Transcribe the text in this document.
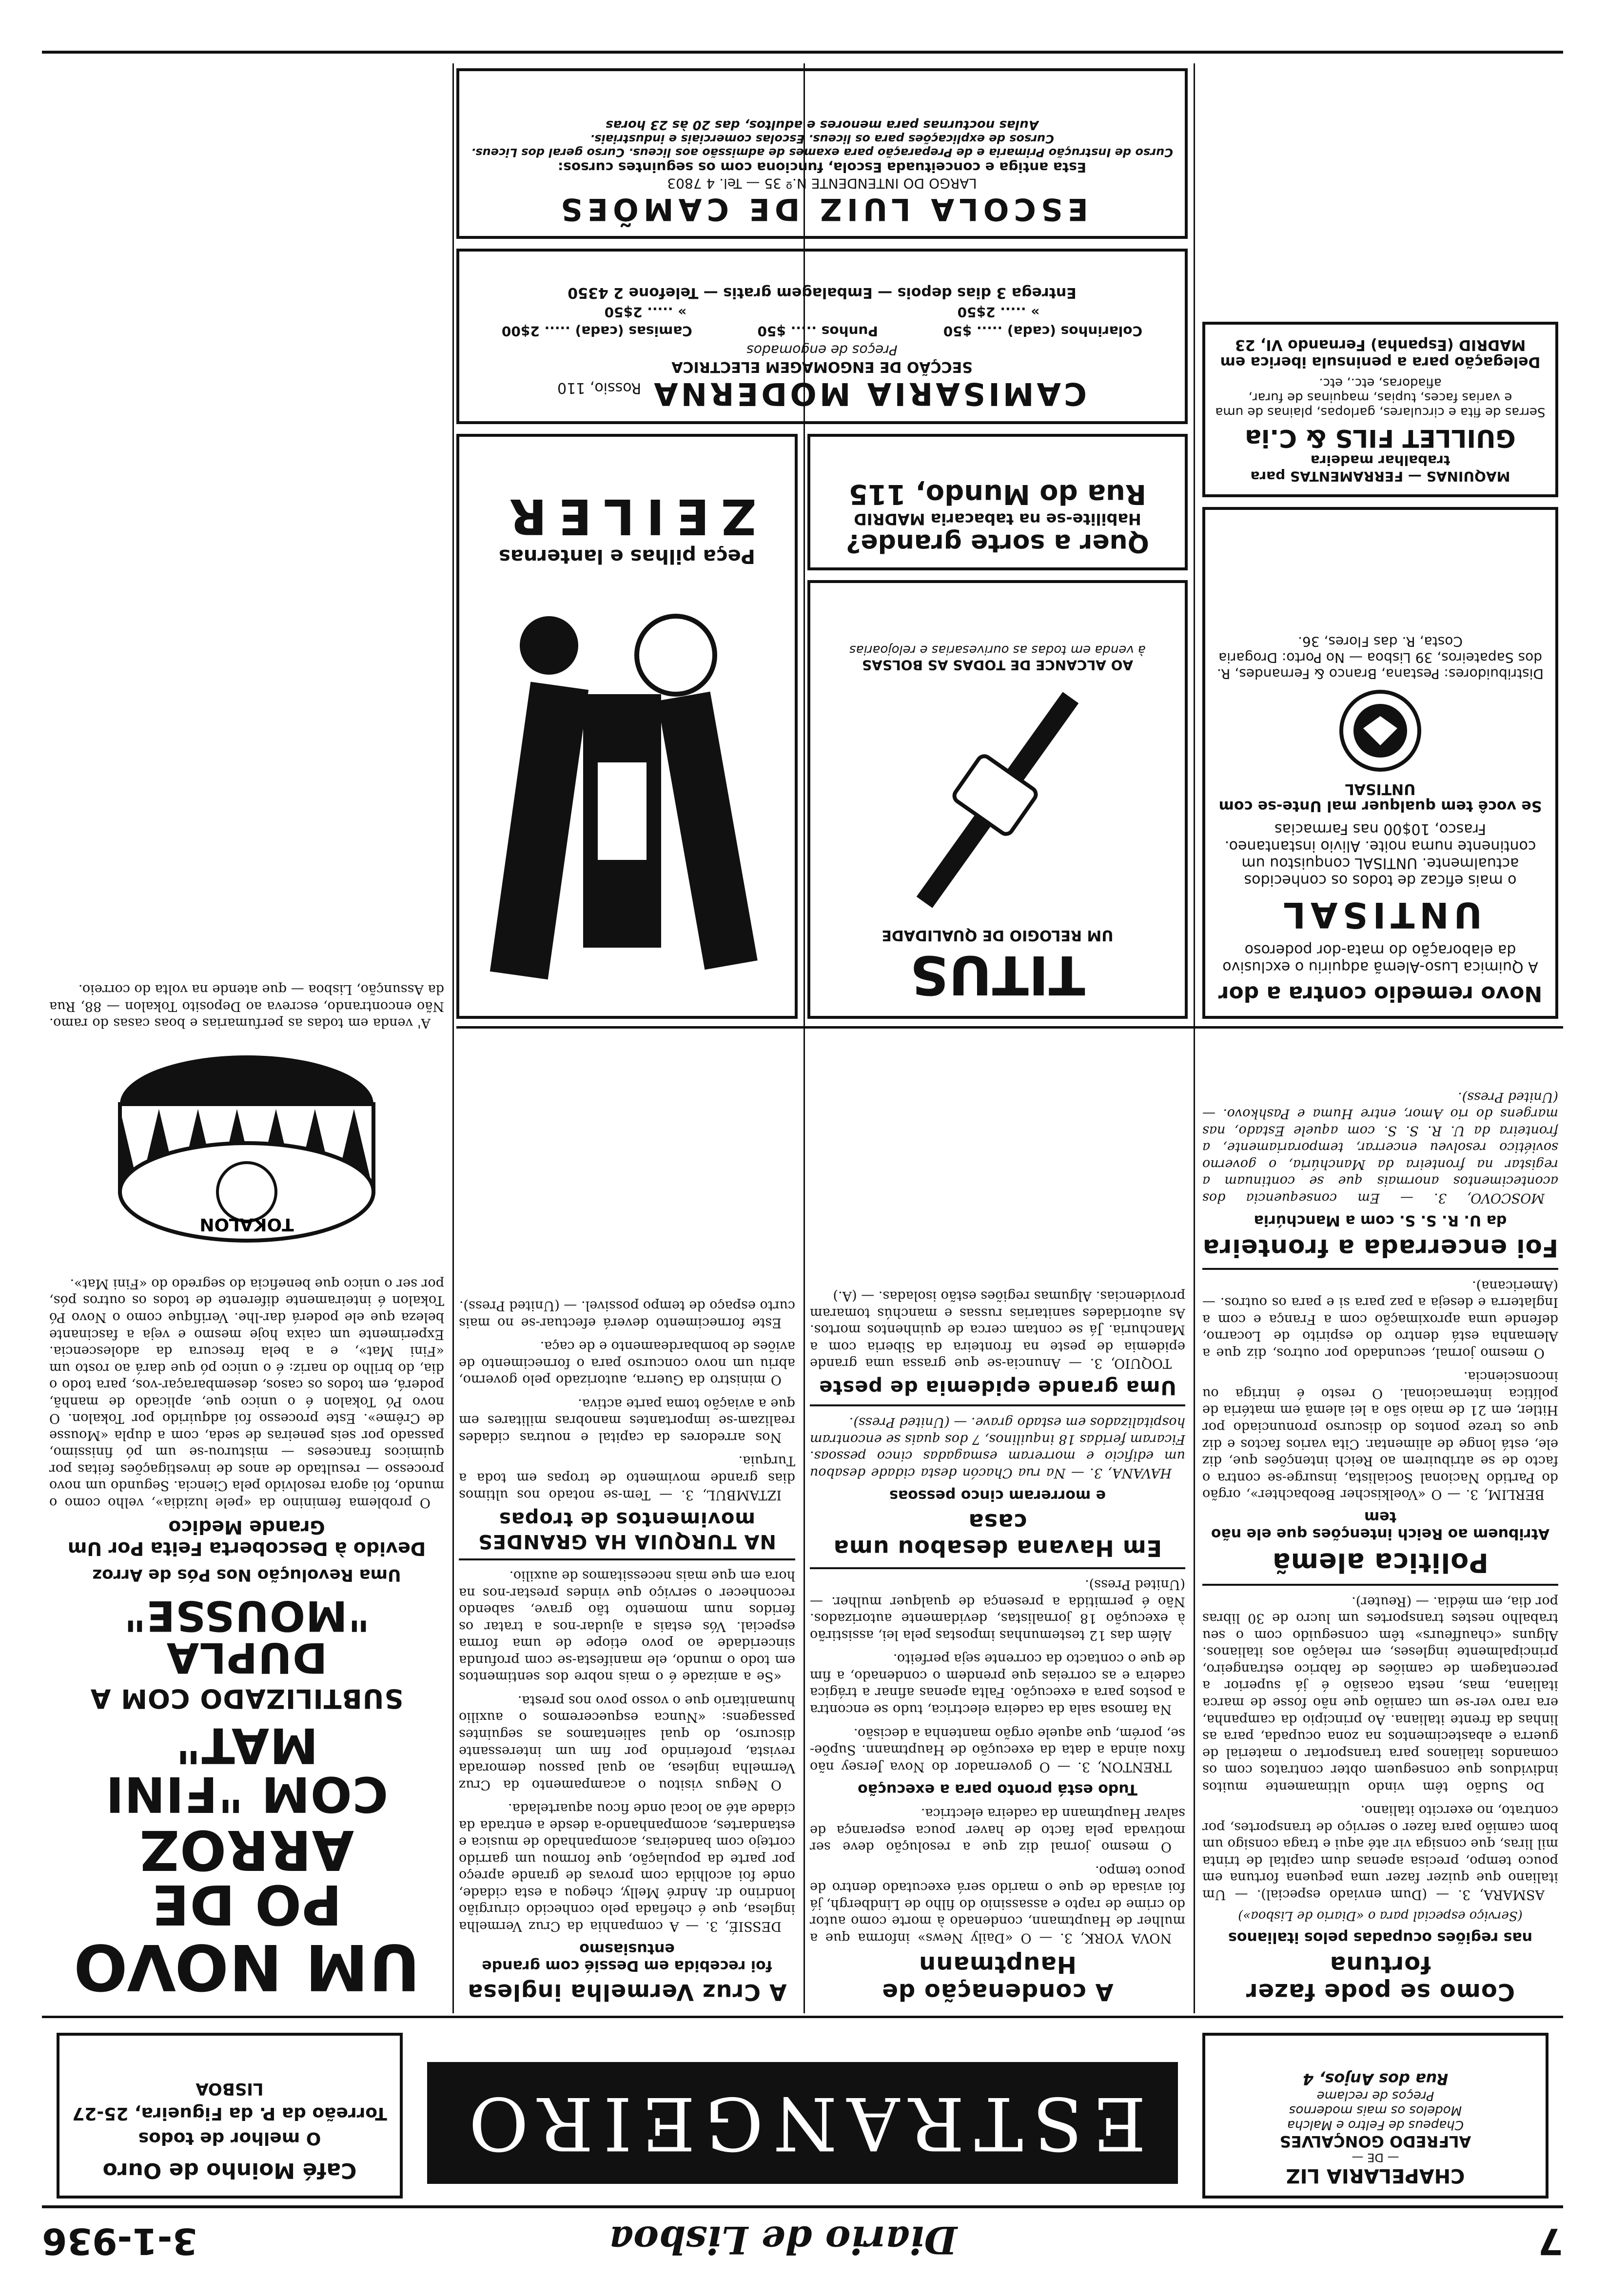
7
Diario de Lisboa
3-1-936
CHAPELARIA LIZ
— DE —
ALFREDO GONÇALVES
Chapeus de Feltro e Malcha
Modelos os mais modernos
Preços de reclame
Rua dos Anjos, 4
ESTRANGEIRO
Café Moinho de Ouro
O melhor de todos
Torreão da P. da Figueira, 25-27
LISBOA
Como se pode fazer fortuna
nas regiões ocupadas pelos italianos
(Serviço especial para o «Diario de Lisboa»)

ASMARA, 3. — (Dum enviado especial). — Um italiano que quizer fazer uma pequena fortuna em pouco tempo, precisa apenas dum capital de trinta mil liras, que consiga vir até aqui e traga consigo um bom camião para fazer o serviço de transportes, por contrato, no exercito italiano.

Do Sudão têm vindo ultimamente muitos individuos que conseguem obter contratos com os comandos italianos para transportar o material de guerra e abastecimentos na zona ocupada, para as linhas da frente italiana. Ao principio da campanha, era raro ver-se um camião que não fosse de marca italiana, mas, nesta ocasião é já superior a percentagem de camiões de fabrico estrangeiro, principalmente ingleses, em relação aos italianos. Alguns «chauffeurs» têm conseguido com o seu trabalho nestes transportes um lucro de 30 libras por dia, em média. — (Reuter).

Politica alemã
Atribuem ao Reich intenções que ele não tem

BERLIM, 3. — O «Voelkischer Beobachter», orgão do Partido Nacional Socialista, insurge-se contra o facto de se atribuirem ao Reich intenções que, diz ele, está longe de alimentar. Cita varios factos e diz que os treze pontos do discurso pronunciado por Hitler, em 21 de maio são a lei alemã em matéria de política internacional. O resto é intriga ou inconsciencia.

O mesmo jornal, secundado por outros, diz que a Alemanha está dentro do espirito de Locarno, defende uma aproximação com a França e com a Inglaterra e deseja a paz para si e para os outros. — (Americana).

Foi encerrada a fronteira
da U. R. S. S. com a Manchúria

MOSCOVO, 3. — Em consequencia dos acontecimentos anormais que se continuam a registar na fronteira da Manchúria, o governo soviético resolveu encerrar, temporariamente, a fronteira da U. R. S. S. com aquele Estado, nas margens do rio Amor, entre Huma e Pashkovo. — (United Press).

A condenação de Hauptmann

NOVA YORK, 3. — O «Daily News» informa que a mulher de Hauptmann, condenado à morte como autor do crime de rapto e assassinio do filho de Lindbergh, já foi avisada de que o marido será executado dentro de pouco tempo.

O mesmo jornal diz que a resolução deve ser motivada pela facto de haver pouca esperança de salvar Hauptmann da cadeira electrica.

Tudo está pronto para a execução

TRENTON, 3. — O governador do Nova Jersey não fixou ainda a data da execução de Hauptmann. Supõe-se, porém, que aquele orgão mantenha a decisão.

Na famosa sala da cadeira electrica, tudo se encontra a postos para a execução. Falta apenas afinar a trágica cadeira e as correias que prendem o condenado, a fim de que o contacto da corrente seja perfeito.

Além das 12 testemunhas impostas pela lei, assistirão à execução 18 jornalistas, devidamente autorizados. Não é permitida a presença de qualquer mulher. — (United Press).

Em Havana desabou uma casa
e morreram cinco pessoas

HAVANA, 3. — Na rua Chacón desta cidade desabou um edificio e morreram esmagadas cinco pessoas. Ficaram feridas 18 inquilinos, 7 dos quais se encontram hospitalizados em estado grave. — (United Press).

Uma grande epidemia de peste

TOQUIO, 3. — Anuncia-se que grassa uma grande epidemia de peste na fronteira da Siberia com a Manchuria. Já se contam cerca de quinhentos mortos. As autoridades sanitarias russas e manchús tomaram providencias. Algumas regiões estão isoladas. — (A.)

A Cruz Vermelha inglesa
foi recebida em Dessié com grande entusiasmo

DESSIÉ, 3. — A companhia da Cruz Vermelha inglesa, que é chefiada pelo conhecido cirurgião londrino dr. André Melly, chegou a esta cidade, onde foi acolhida com provas de grande apreço por parte da população, que formou um garrido cortejo com bandeiras, acompanhado de musica e estandartes, acompanhando-a desde a entrada da cidade até ao local onde ficou aquartelada.

O Negus visitou o acampamento da Cruz Vermelha inglesa, ao qual passou demorada revista, proferindo por fim um interessante discurso, do qual salientamos as seguintes passagens: «Nunca esqueceremos o auxilio humanitario que o vosso povo nos presta.

«Se a amizade é o mais nobre dos sentimentos em todo o mundo, ele manifesta-se com profunda sinceridade ao povo etiope de uma forma especial. Vós estais a ajudar-nos a tratar os feridos num momento tão grave, sabendo reconhecer o serviço que vindes prestar-nos na hora em que mais necessitamos de auxilio.

NA TURQUIA HA GRANDES movimentos de tropas

IZTAMBUL, 3. — Tem-se notado nos ultimos dias grande movimento de tropas em toda a Turquia.

Nos arredores da capital e noutras cidades realizam-se importantes manobras militares em que a aviação toma parte activa.

O ministro da Guerra, autorizado pelo governo, abriu um novo concurso para o fornecimento de aviões de bombardeamento e de caça.

Este fornecimento deverá efectuar-se no mais curto espaço de tempo possivel. — (United Press).

UM NOVO
PO DE ARROZ
COM "FINI MAT"
SUBTILIZADO COM A
DUPLA "MOUSSE"
Uma Revolução Nos Pós de Arroz
Devido à Descoberta Feita Por Um Grande Medico

O problema feminino da «pele luzidia», velho como o mundo, foi agora resolvido pela Ciencia. Segundo um novo processo — resultado de anos de investigações feitas por quimicos franceses — misturou-se um pó finissimo, passado por seis peneiras de seda, com a dupla «Mousse de Crême». Este processo foi adquirido por Tokalon. O novo Pó Tokalon é o unico que, aplicado de manhã, poderá, em todos os casos, desembaraçar-vos, para todo o dia, do brilho do nariz: é o unico pó que dará ao rosto um «Fini Mat», e a bela frescura da adolescencia. Experimente um caixa hoje mesmo e veja a fascinante beleza que ele poderá dar-lhe. Verifique como o Novo Pó Tokalon é inteiramente diferente de todos os outros pós, por ser o unico que beneficia do segredo do «Fini Mat».

TOKALON

A' venda em todas as perfumarias e boas casas do ramo. Não encontrando, escreva ao Deposito Tokalon — 88, Rua da Assunção, Lisboa — que atende na volta do correio.	Novo remedio contra a dor
A Quimica Luso-Alemã adquiriu o exclusivo da elaboração do mata-dor poderoso
UNTISAL
o mais eficaz de todos os conhecidos actualmente. UNTISAL conquistou um continente numa noite. Alivio instantaneo. Frasco, 10$00 nas Farmacias
Se você tem qualquer mal Unte-se com UNTISAL
Distribuidores: Pestana, Branco & Fernandes, R. dos Sapateiros, 39 Lisboa — No Porto: Drogaria Costa, R. das Flores, 36.
MAQUINAS — FERRAMENTAS para trabalhar madeira
GUILLET FILS & C.ia
Serras de fita e circulares, garlopas, plainas de uma e varias faces, tupias, maquinas de furar, afiadoras, etc., etc.
Delegação para a peninsula iberica em MADRID (Espanha) Fernando VI, 23
TITUS
UM RELOGIO DE QUALIDADE
AO ALCANCE DE TODAS AS BOLSAS
à venda em todas as ourivesarias e relojoarias
Quer a sorte grande?
Habilite-se na tabacaria MADRID
Rua do Mundo, 115
Peça pilhas e lanternas
ZEILER
CAMISARIA MODERNA
Rossio, 110
SECÇÃO DE ENGOMAGEM ELECTRICA
Preços de engomados
Colarinhos (cada) ..... $50
Punhos ..... $50
Camisas (cada) ..... 2$00
» ..... 2$50
» ..... 2$50
Entrega 3 dias depois — Embalagem gratis — Telefone 2 4350
ESCOLA LUIZ DE CAMÕES
LARGO DO INTENDENTE N.º 35 — Tel. 4 7803
Esta antiga e conceituada Escola, funciona com os seguintes cursos:
Curso de Instrução Primaria e de Preparação para exames de admissão aos liceus. Curso geral dos Liceus. Cursos de explicações para os liceus. Escolas comerciais e industriais.
Aulas nocturnas para menores e adultos, das 20 às 23 horas
